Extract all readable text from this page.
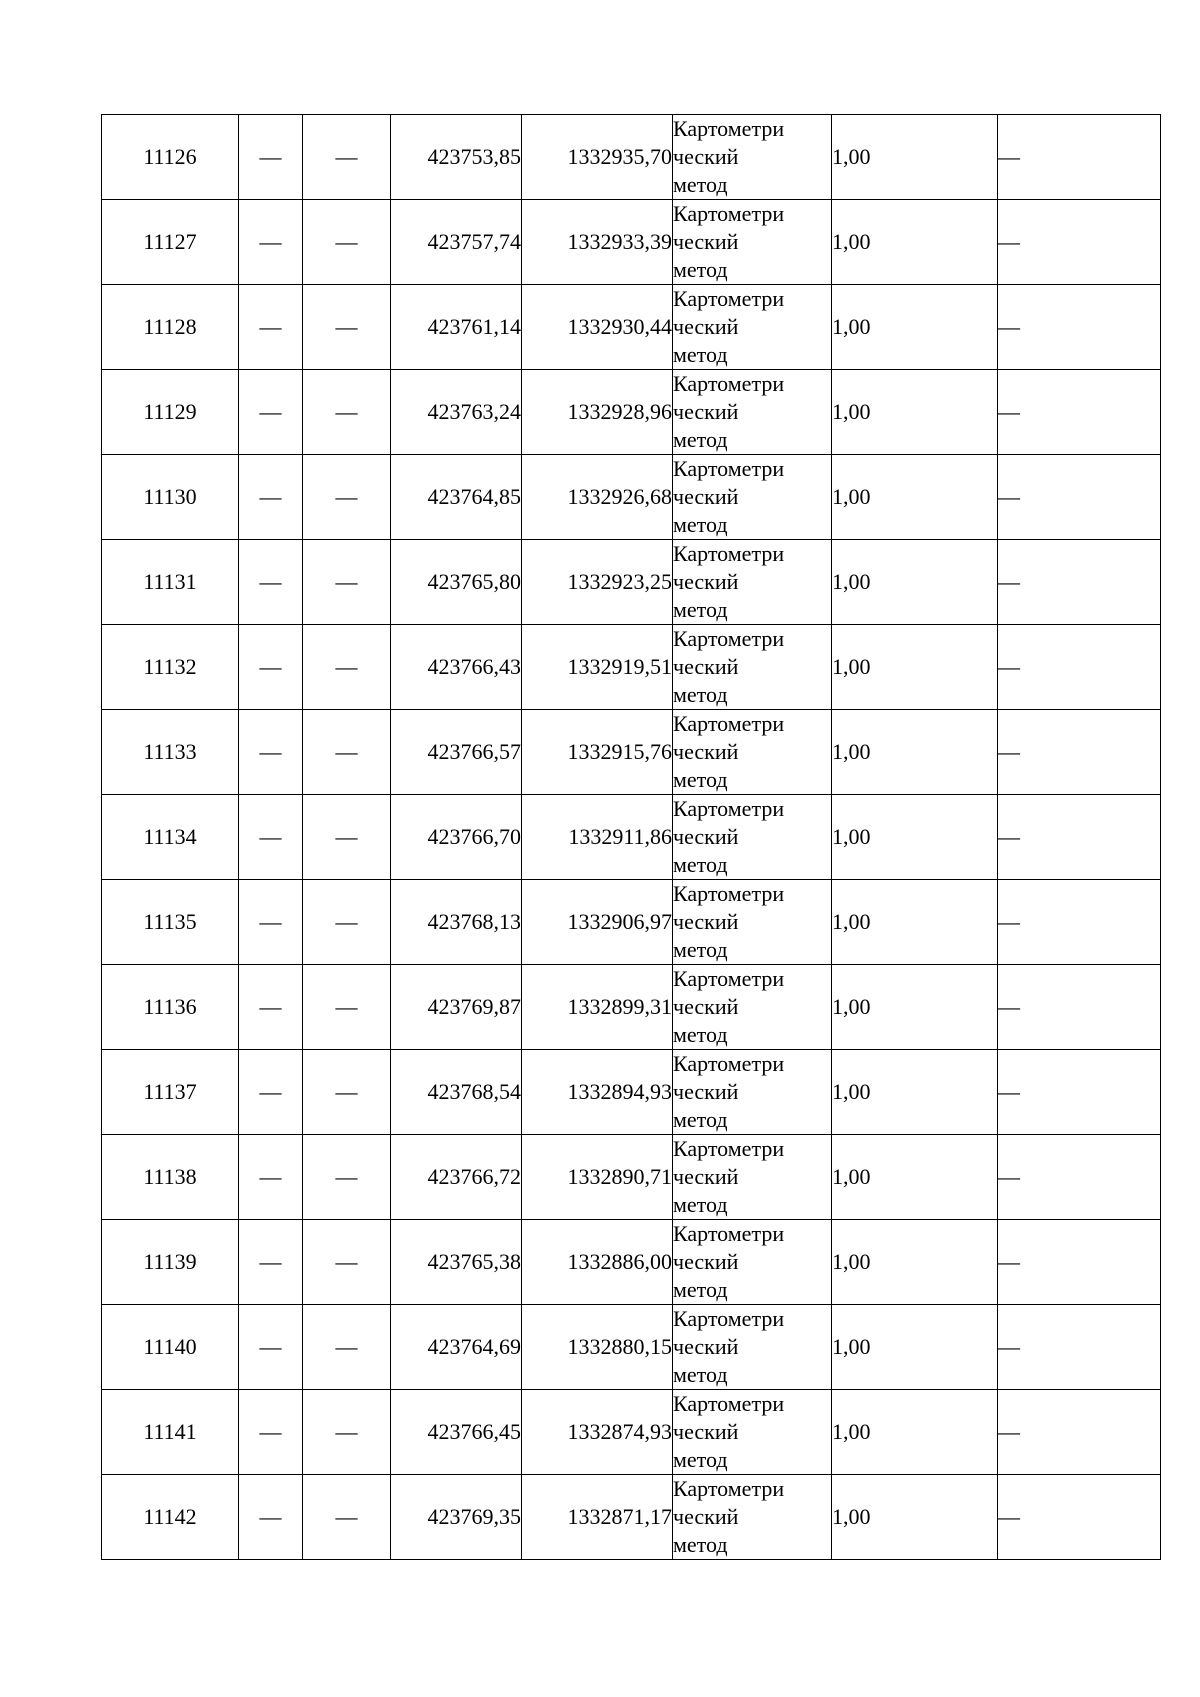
11126	—	—	423753,85	1332935,70	Картометри
ческий
метод	1,00	—
11127	—	—	423757,74	1332933,39	Картометри
ческий
метод	1,00	—
11128	—	—	423761,14	1332930,44	Картометри
ческий
метод	1,00	—
11129	—	—	423763,24	1332928,96	Картометри
ческий
метод	1,00	—
11130	—	—	423764,85	1332926,68	Картометри
ческий
метод	1,00	—
11131	—	—	423765,80	1332923,25	Картометри
ческий
метод	1,00	—
11132	—	—	423766,43	1332919,51	Картометри
ческий
метод	1,00	—
11133	—	—	423766,57	1332915,76	Картометри
ческий
метод	1,00	—
11134	—	—	423766,70	1332911,86	Картометри
ческий
метод	1,00	—
11135	—	—	423768,13	1332906,97	Картометри
ческий
метод	1,00	—
11136	—	—	423769,87	1332899,31	Картометри
ческий
метод	1,00	—
11137	—	—	423768,54	1332894,93	Картометри
ческий
метод	1,00	—
11138	—	—	423766,72	1332890,71	Картометри
ческий
метод	1,00	—
11139	—	—	423765,38	1332886,00	Картометри
ческий
метод	1,00	—
11140	—	—	423764,69	1332880,15	Картометри
ческий
метод	1,00	—
11141	—	—	423766,45	1332874,93	Картометри
ческий
метод	1,00	—
11142	—	—	423769,35	1332871,17	Картометри
ческий
метод	1,00	—
